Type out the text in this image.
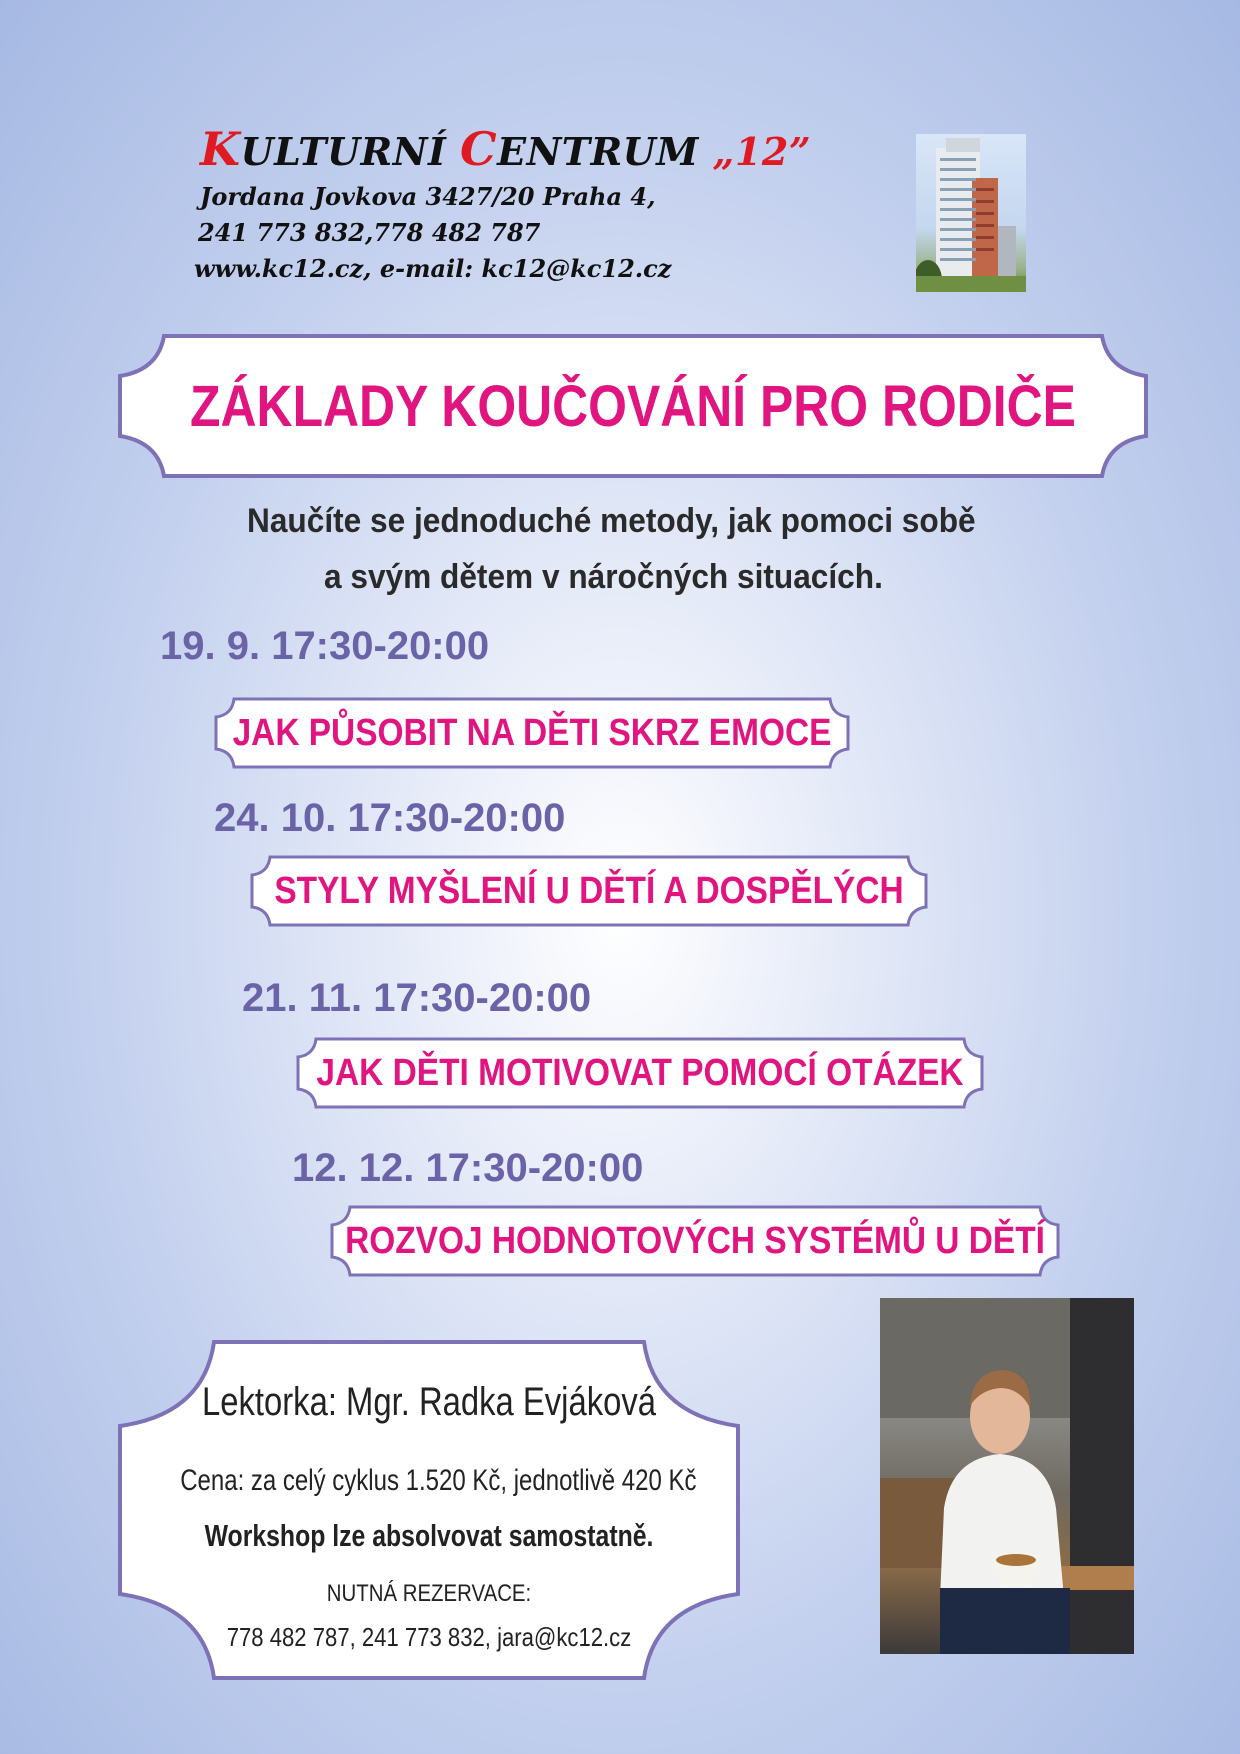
KULTURNÍ CENTRUM „12”
Jordana Jovkova 3427/20 Praha 4,
241 773 832,778 482 787
www.kc12.cz, e-mail: kc12@kc12.cz
ZÁKLADY KOUČOVÁNÍ PRO RODIČE
Naučíte se jednoduché metody, jak pomoci sobě
a svým dětem v náročných situacích.
19. 9. 17:30-20:00
JAK PŮSOBIT NA DĚTI SKRZ EMOCE
24. 10. 17:30-20:00
STYLY MYŠLENÍ U DĚTÍ A DOSPĚLÝCH
21. 11. 17:30-20:00
JAK DĚTI MOTIVOVAT POMOCÍ OTÁZEK
12. 12. 17:30-20:00
ROZVOJ HODNOTOVÝCH SYSTÉMŮ U DĚTÍ
Lektorka: Mgr. Radka Evjáková
Cena: za celý cyklus 1.520 Kč, jednotlivě 420 Kč
Workshop lze absolvovat samostatně.
NUTNÁ REZERVACE:
778 482 787, 241 773 832, jara@kc12.cz
